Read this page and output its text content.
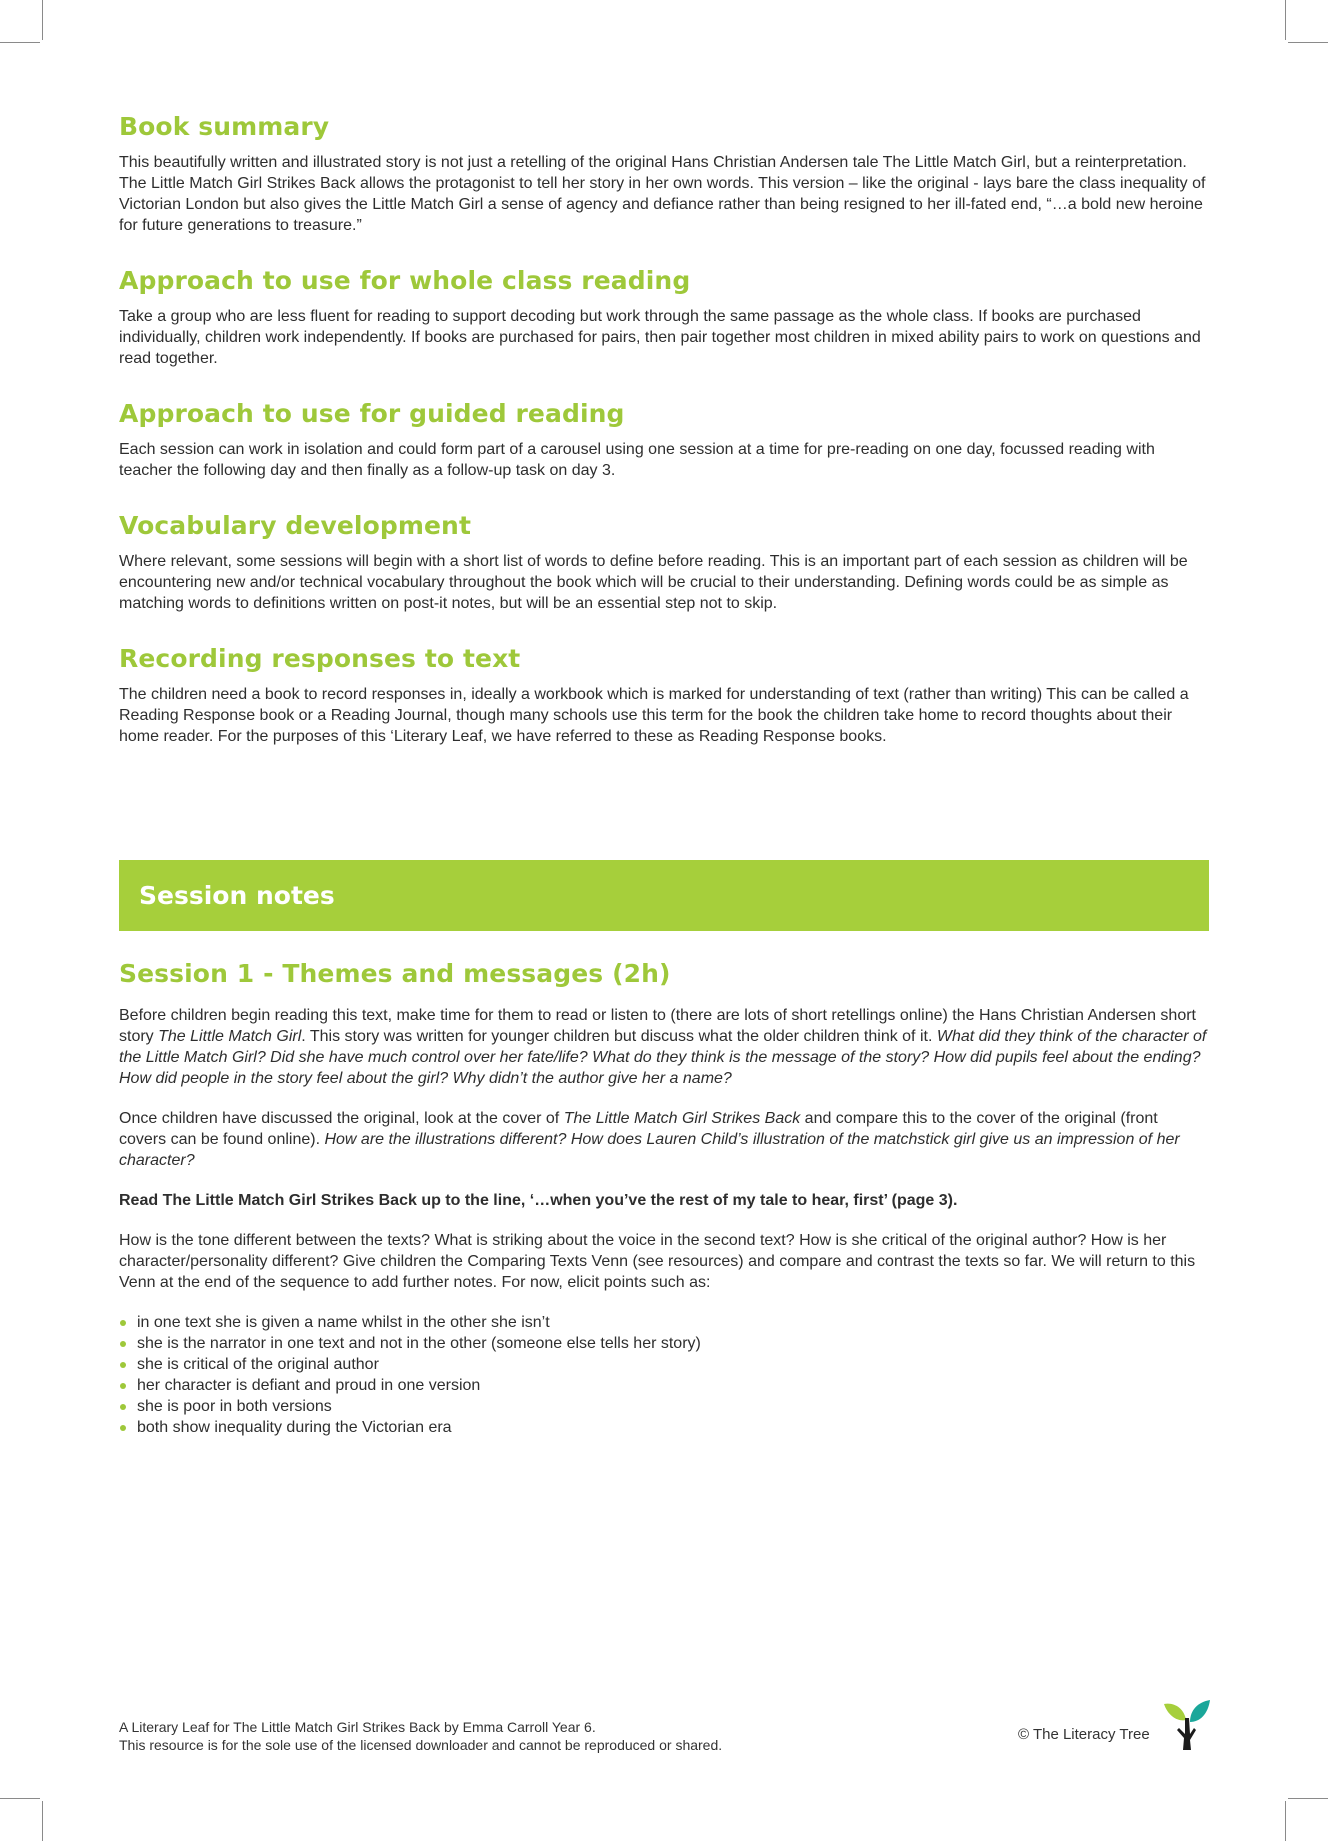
Book summary

This beautifully written and illustrated story is not just a retelling of the original Hans Christian Andersen tale The Little Match Girl, but a reinterpretation. The Little Match Girl Strikes Back allows the protagonist to tell her story in her own words. This version – like the original - lays bare the class inequality of Victorian London but also gives the Little Match Girl a sense of agency and defiance rather than being resigned to her ill-fated end, “…a bold new heroine for future generations to treasure.”

Approach to use for whole class reading

Take a group who are less fluent for reading to support decoding but work through the same passage as the whole class. If books are purchased individually, children work independently. If books are purchased for pairs, then pair together most children in mixed ability pairs to work on questions and read together.

Approach to use for guided reading

Each session can work in isolation and could form part of a carousel using one session at a time for pre-reading on one day, focussed reading with teacher the following day and then finally as a follow-up task on day 3.

Vocabulary development

Where relevant, some sessions will begin with a short list of words to define before reading. This is an important part of each session as children will be encountering new and/or technical vocabulary throughout the book which will be crucial to their understanding. Defining words could be as simple as matching words to definitions written on post-it notes, but will be an essential step not to skip.

Recording responses to text

The children need a book to record responses in, ideally a workbook which is marked for understanding of text (rather than writing) This can be called a Reading Response book or a Reading Journal, though many schools use this term for the book the children take home to record thoughts about their home reader. For the purposes of this ‘Literary Leaf, we have referred to these as Reading Response books.

Session notes
Session 1 - Themes and messages (2h)

Before children begin reading this text, make time for them to read or listen to (there are lots of short retellings online) the Hans Christian Andersen short story The Little Match Girl. This story was written for younger children but discuss what the older children think of it. What did they think of the character of the Little Match Girl? Did she have much control over her fate/life? What do they think is the message of the story? How did pupils feel about the ending? How did people in the story feel about the girl? Why didn’t the author give her a name?

Once children have discussed the original, look at the cover of The Little Match Girl Strikes Back and compare this to the cover of the original (front covers can be found online). How are the illustrations different? How does Lauren Child’s illustration of the matchstick girl give us an impression of her character?

Read The Little Match Girl Strikes Back up to the line, ‘…when you’ve the rest of my tale to hear, first’ (page 3).

How is the tone different between the texts? What is striking about the voice in the second text? How is she critical of the original author? How is her character/personality different? Give children the Comparing Texts Venn (see resources) and compare and contrast the texts so far. We will return to this Venn at the end of the sequence to add further notes. For now, elicit points such as:

in one text she is given a name whilst in the other she isn’t
she is the narrator in one text and not in the other (someone else tells her story)
she is critical of the original author
her character is defiant and proud in one version
she is poor in both versions
both show inequality during the Victorian era
A Literary Leaf for The Little Match Girl Strikes Back by Emma Carroll Year 6.
This resource is for the sole use of the licensed downloader and cannot be reproduced or shared.
© The Literacy Tree
